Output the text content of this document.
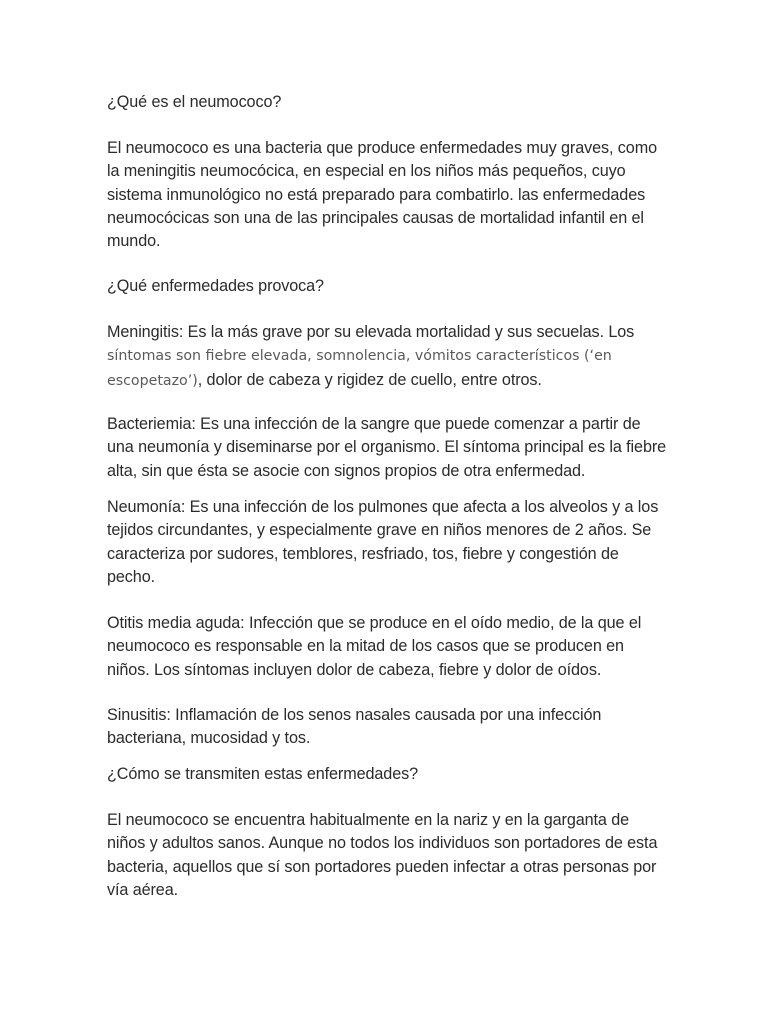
¿Qué es el neumococo?

El neumococo es una bacteria que produce enfermedades muy graves, como la meningitis neumocócica, en especial en los niños más pequeños, cuyo sistema inmunológico no está preparado para combatirlo. las enfermedades neumocócicas son una de las principales causas de mortalidad infantil en el mundo.

¿Qué enfermedades provoca?

Meningitis: Es la más grave por su elevada mortalidad y sus secuelas. Los síntomas son fiebre elevada, somnolencia, vómitos característicos (‘en escopetazo’), dolor de cabeza y rigidez de cuello, entre otros.

Bacteriemia: Es una infección de la sangre que puede comenzar a partir de una neumonía y diseminarse por el organismo. El síntoma principal es la fiebre alta, sin que ésta se asocie con signos propios de otra enfermedad.

Neumonía: Es una infección de los pulmones que afecta a los alveolos y a los tejidos circundantes, y especialmente grave en niños menores de 2 años. Se caracteriza por sudores, temblores, resfriado, tos, fiebre y congestión de pecho.

Otitis media aguda: Infección que se produce en el oído medio, de la que el neumococo es responsable en la mitad de los casos que se producen en niños. Los síntomas incluyen dolor de cabeza, fiebre y dolor de oídos.

Sinusitis: Inflamación de los senos nasales causada por una infección bacteriana, mucosidad y tos.

¿Cómo se transmiten estas enfermedades?

El neumococo se encuentra habitualmente en la nariz y en la garganta de niños y adultos sanos. Aunque no todos los individuos son portadores de esta bacteria, aquellos que sí son portadores pueden infectar a otras personas por vía aérea.
